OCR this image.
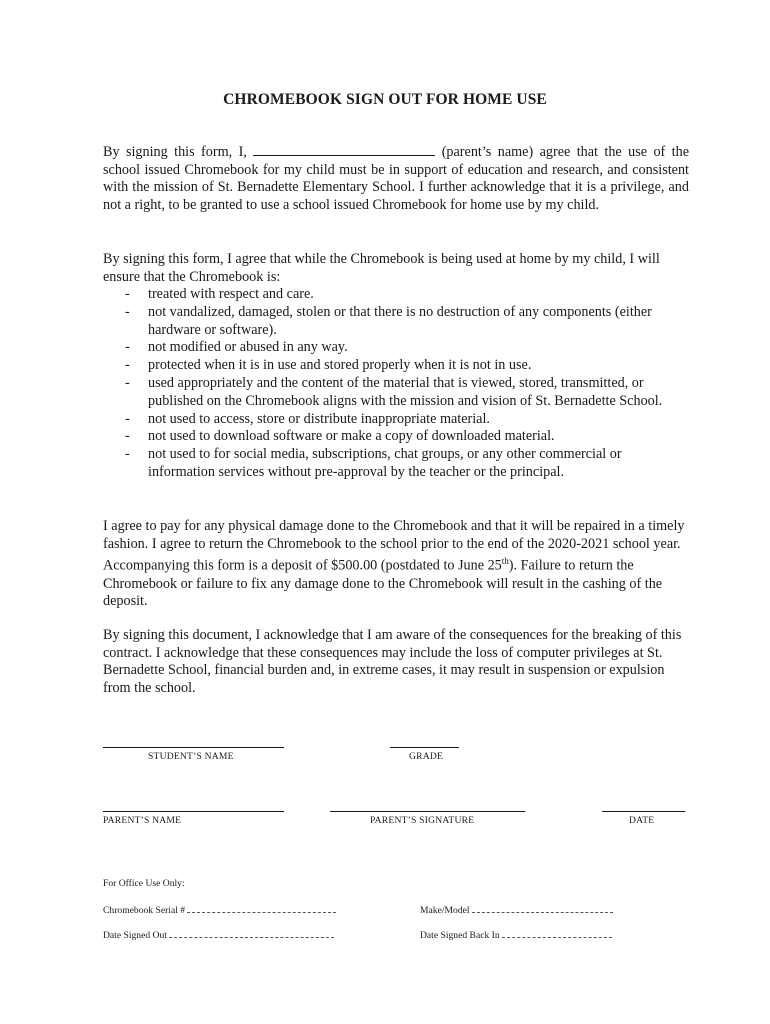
CHROMEBOOK SIGN OUT FOR HOME USE

By signing this form, I,	(parent’s name) agree that the use of the school issued Chromebook for my child must be in support of education and research, and consistent with the mission of St. Bernadette Elementary School. I further acknowledge that it is a privilege, and not a right, to be granted to use a school issued Chromebook for home use by my child.

By signing this form, I agree that while the Chromebook is being used at home by my child, I will ensure that the Chromebook is:

- treated with respect and care.
- not vandalized, damaged, stolen or that there is no destruction of any components (either hardware or software).
- not modified or abused in any way.
- protected when it is in use and stored properly when it is not in use.
- used appropriately and the content of the material that is viewed, stored, transmitted, or published on the Chromebook aligns with the mission and vision of St. Bernadette School.
- not used to access, store or distribute inappropriate material.
- not used to download software or make a copy of downloaded material.
- not used to for social media, subscriptions, chat groups, or any other commercial or information services without pre-approval by the teacher or the principal.

I agree to pay for any physical damage done to the Chromebook and that it will be repaired in a timely fashion. I agree to return the Chromebook to the school prior to the end of the 2020-2021 school year. Accompanying this form is a deposit of $500.00 (postdated to June 25th). Failure to return the Chromebook or failure to fix any damage done to the Chromebook will result in the cashing of the deposit.

By signing this document, I acknowledge that I am aware of the consequences for the breaking of this contract. I acknowledge that these consequences may include the loss of computer privileges at St. Bernadette School, financial burden and, in extreme cases, it may result in suspension or expulsion from the school.

STUDENT’S NAME	GRADE
PARENT’S NAME	PARENT’S SIGNATURE	DATE
For Office Use Only:
Chromebook Serial #	Make/Model
Date Signed Out	Date Signed Back In
